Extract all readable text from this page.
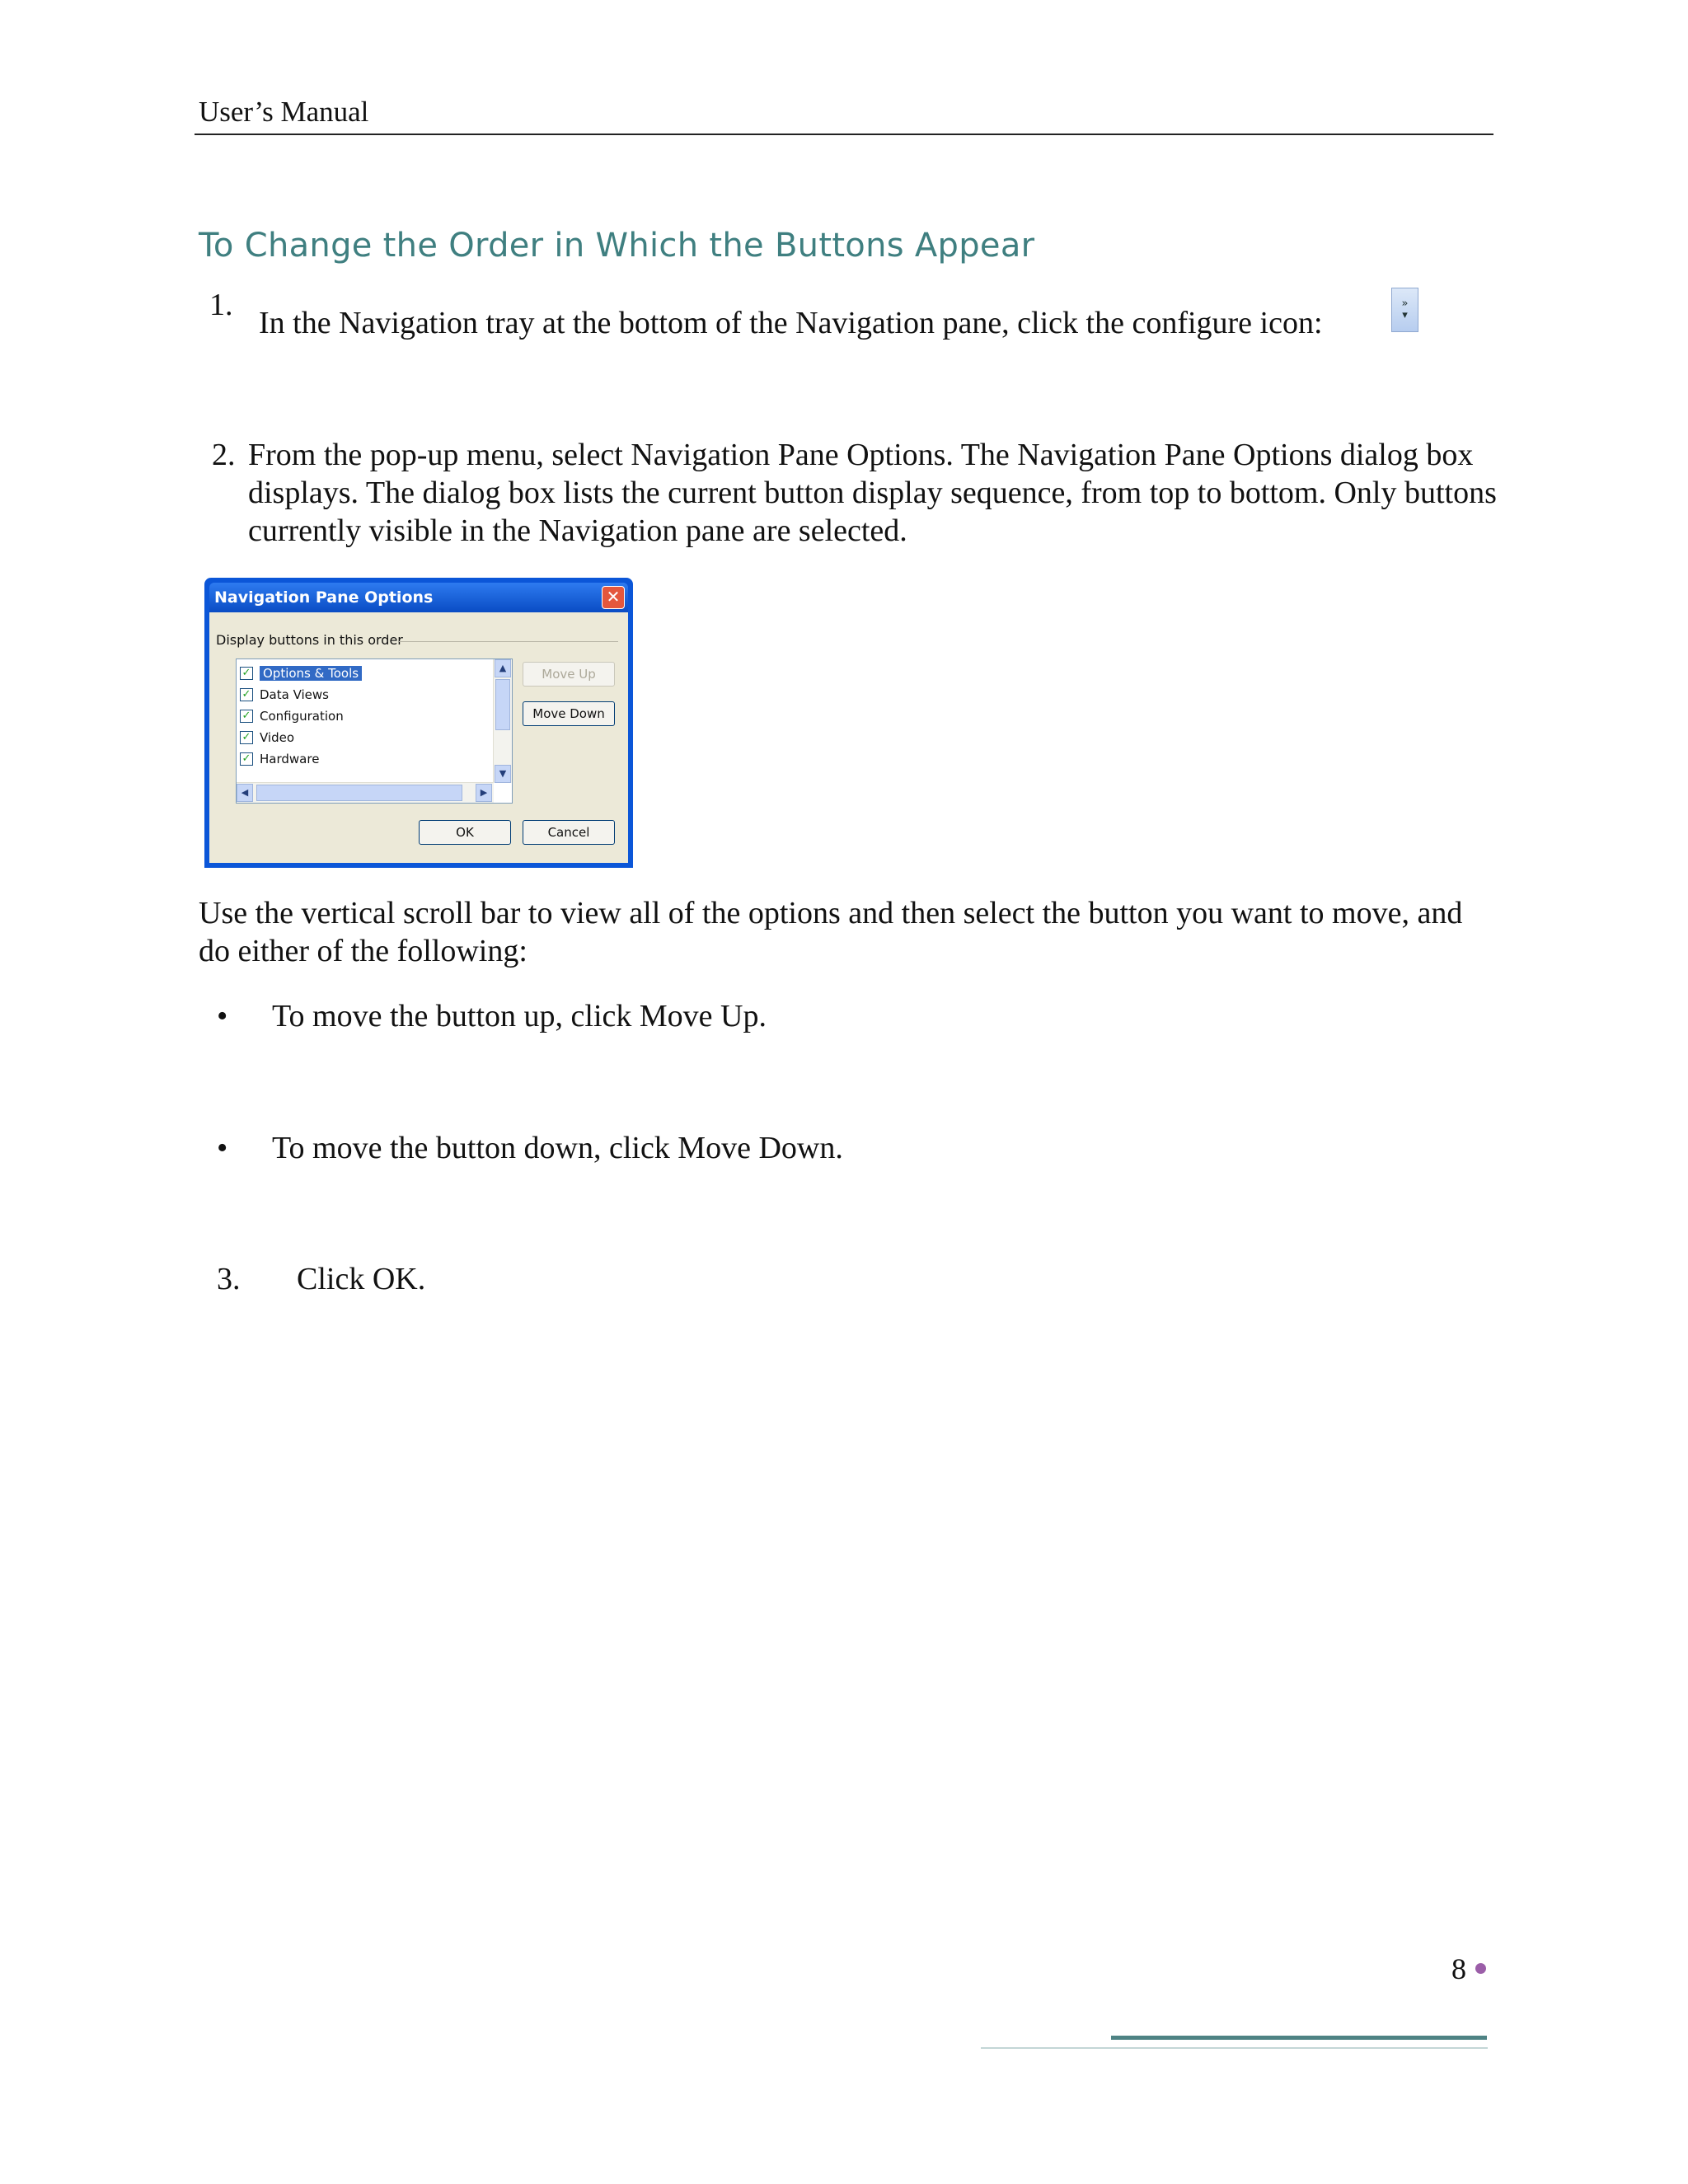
User’s Manual
To Change the Order in Which the Buttons Appear
1.
In the Navigation tray at the bottom of the Navigation pane, click the configure icon:
»
▾
2. From the pop-up menu, select Navigation Pane Options. The Navigation Pane Options dialog box displays. The dialog box lists the current button display sequence, from top to bottom. Only buttons currently visible in the Navigation pane are selected.
Navigation Pane Options	✕
Display buttons in this order
✓ Options & Tools
✓ Data Views
✓ Configuration
✓ Video
✓ Hardware
▲
▼
◀	▶
Move Up
Move Down
OK	Cancel
Use the vertical scroll bar to view all of the options and then select the button you want to move, and do either of the following:
• To move the button up, click Move Up.
• To move the button down, click Move Down.
3. Click OK.
8
